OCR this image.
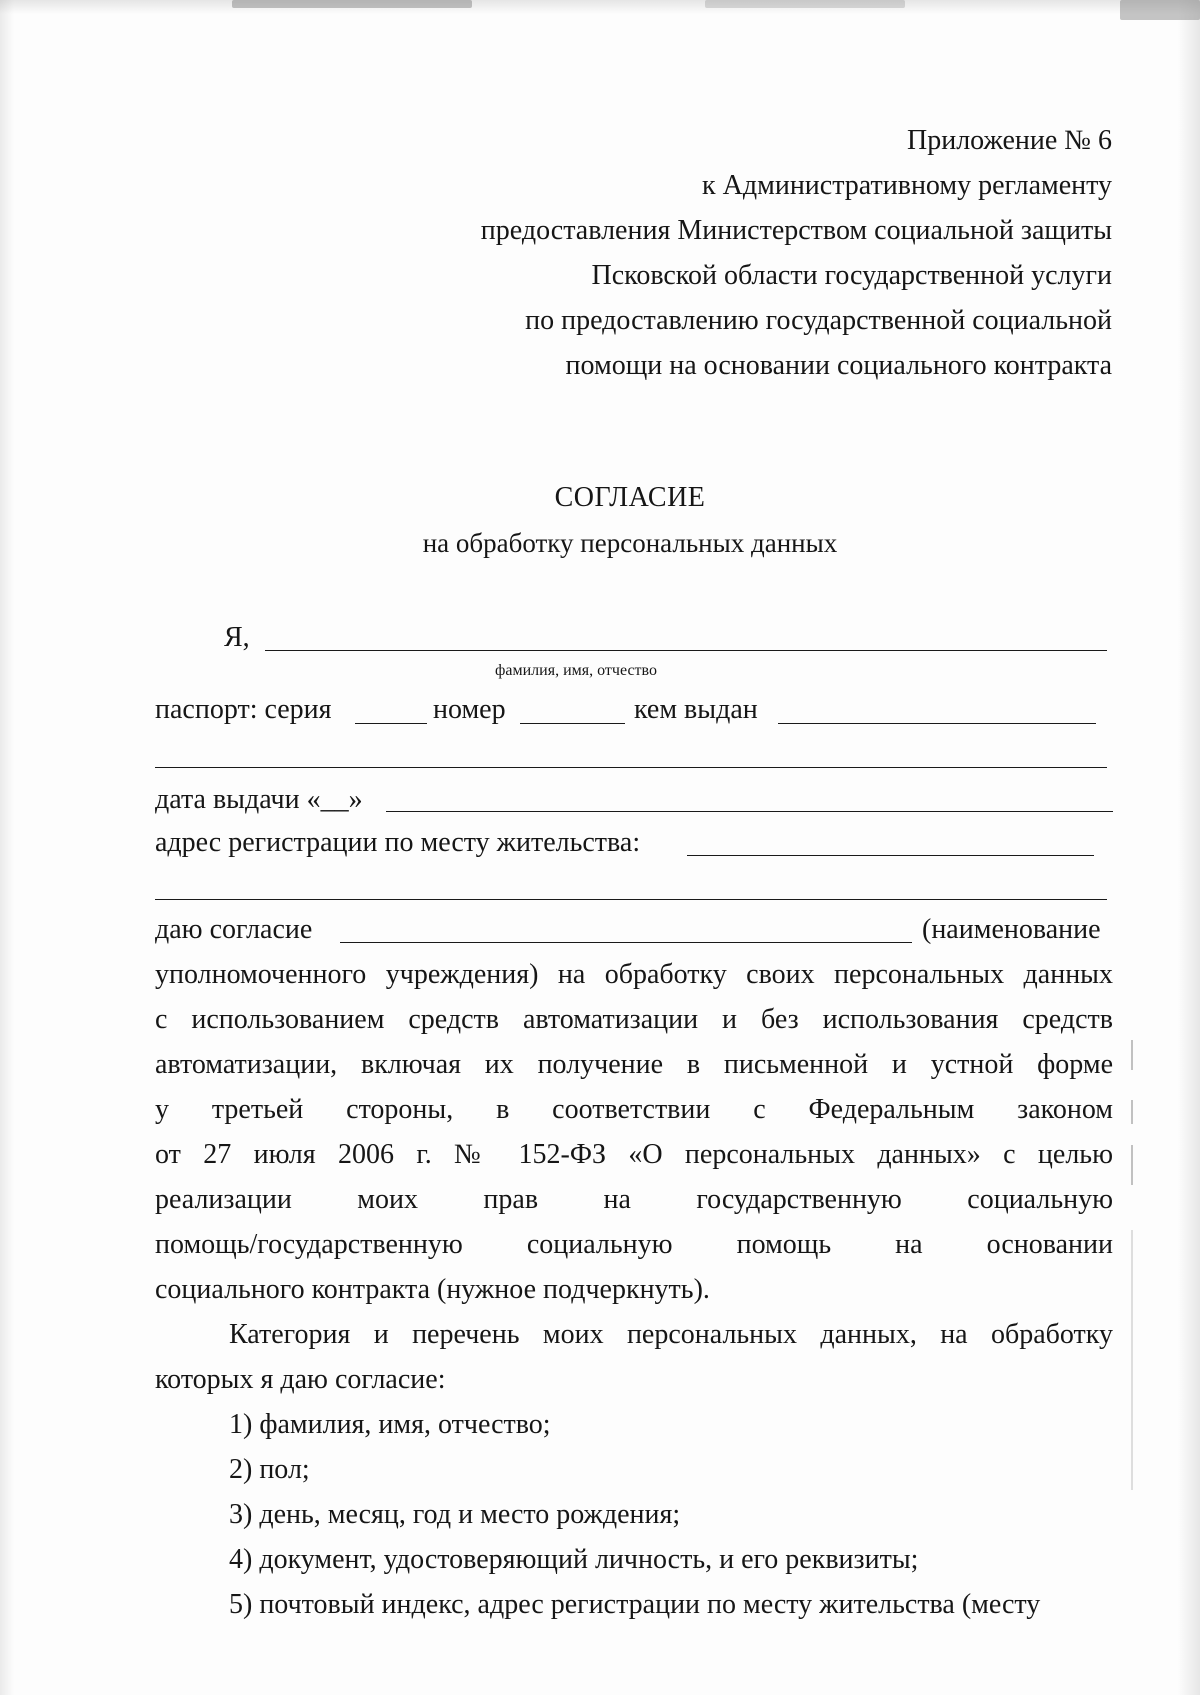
Приложение № 6
к Административному регламенту
предоставления Министерством социальной защиты
Псковской области государственной услуги
по предоставлению государственной социальной
помощи на основании социального контракта
СОГЛАСИЕ
на обработку персональных данных
Я,
фамилия, имя, отчество
паспорт: серия	номер	кем выдан
дата выдачи «__»
адрес регистрации по месту жительства:
даю согласие	(наименование
уполномоченного учреждения) на обработку своих персональных данных
с использованием средств автоматизации и без использования средств
автоматизации, включая их получение в письменной и устной форме
у третьей стороны, в соответствии с Федеральным законом
от 27 июля 2006 г. № 152-ФЗ «О персональных данных» с целью
реализации моих прав на государственную социальную
помощь/государственную социальную помощь на основании
социального контракта (нужное подчеркнуть).
Категория и перечень моих персональных данных, на обработку
которых я даю согласие:
1) фамилия, имя, отчество;
2) пол;
3) день, месяц, год и место рождения;
4) документ, удостоверяющий личность, и его реквизиты;
5) почтовый индекс, адрес регистрации по месту жительства (месту
